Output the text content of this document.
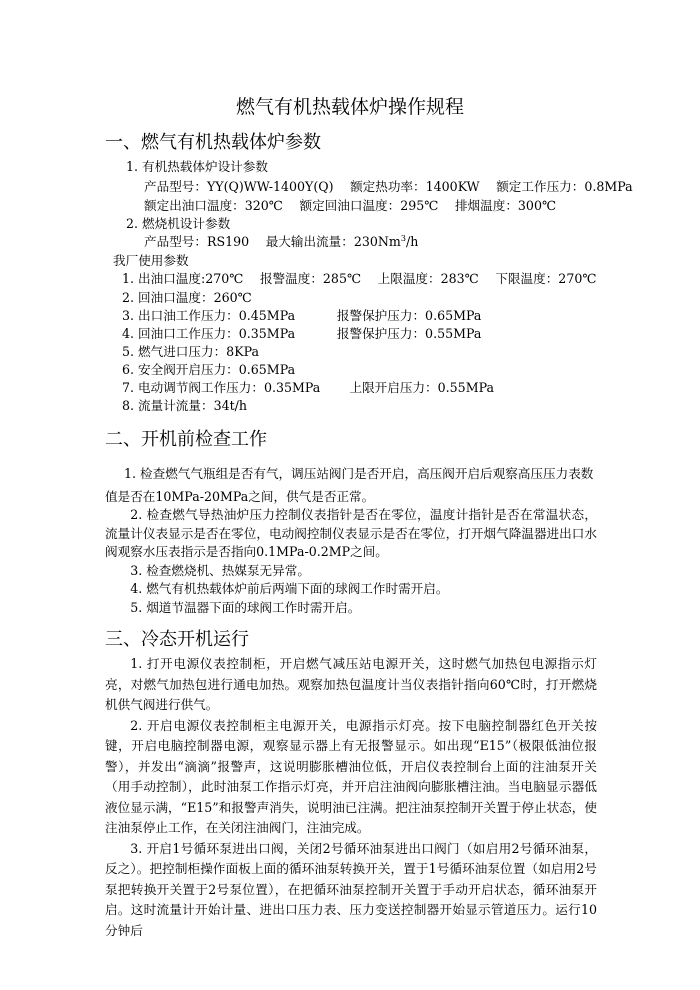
燃气有机热载体炉操作规程
一、燃气有机热载体炉参数
1. 有机热载体炉设计参数
产品型号：YY(Q)WW-1400Y(Q)　 额定热功率：1400KW　 额定工作压力：0.8MPa
额定出油口温度：320℃　 额定回油口温度：295℃　 排烟温度：300℃
2. 燃烧机设计参数
产品型号：RS190　 最大输出流量：230Nm$^3$/h
我厂使用参数
1. 出油口温度:270℃　 报警温度：285℃　 上限温度：283℃　 下限温度：270℃
2. 回油口温度：260℃
3. 出口油工作压力：0.45MPa　　　 报警保护压力：0.65MPa
4. 回油口工作压力：0.35MPa　　　 报警保护压力：0.55MPa
5. 燃气进口压力：8KPa
6. 安全阀开启压力：0.65MPa
7. 电动调节阀工作压力：0.35MPa　　 上限开启压力：0.55MPa
8. 流量计流量：34t/h
二、开机前检查工作
1. 检查燃气气瓶组是否有气，调压站阀门是否开启，高压阀开启后观察高压压力表数
值是否在10MPa-20MPa之间，供气是否正常。

2. 检查燃气导热油炉压力控制仪表指针是否在零位，温度计指针是否在常温状态，流量计仪表显示是否在零位，电动阀控制仪表显示是否在零位，打开烟气降温器进出口水阀观察水压表指示是否指向0.1MPa-0.2MP之间。

3. 检查燃烧机、热媒泵无异常。

4. 燃气有机热载体炉前后两端下面的球阀工作时需开启。

5. 烟道节温器下面的球阀工作时需开启。

三、冷态开机运行

1. 打开电源仪表控制柜，开启燃气减压站电源开关，这时燃气加热包电源指示灯亮，对燃气加热包进行通电加热。观察加热包温度计当仪表指针指向60℃时，打开燃烧机供气阀进行供气。

2. 开启电源仪表控制柜主电源开关，电源指示灯亮。按下电脑控制器红色开关按键，开启电脑控制器电源，观察显示器上有无报警显示。如出现“E15”（极限低油位报警），并发出“滴滴”报警声，这说明膨胀槽油位低，开启仪表控制台上面的注油泵开关（用手动控制），此时油泵工作指示灯亮，并开启注油阀向膨胀槽注油。当电脑显示器低液位显示满，“E15”和报警声消失，说明油已注满。把注油泵控制开关置于停止状态，使注油泵停止工作，在关闭注油阀门，注油完成。

3. 开启1号循环泵进出口阀，关闭2号循环油泵进出口阀门（如启用2号循环油泵，反之）。把控制柜操作面板上面的循环油泵转换开关，置于1号循环油泵位置（如启用2号泵把转换开关置于2号泵位置），在把循环油泵控制开关置于手动开启状态，循环油泵开启。这时流量计开始计量、进出口压力表、压力变送控制器开始显示管道压力。运行10分钟后
